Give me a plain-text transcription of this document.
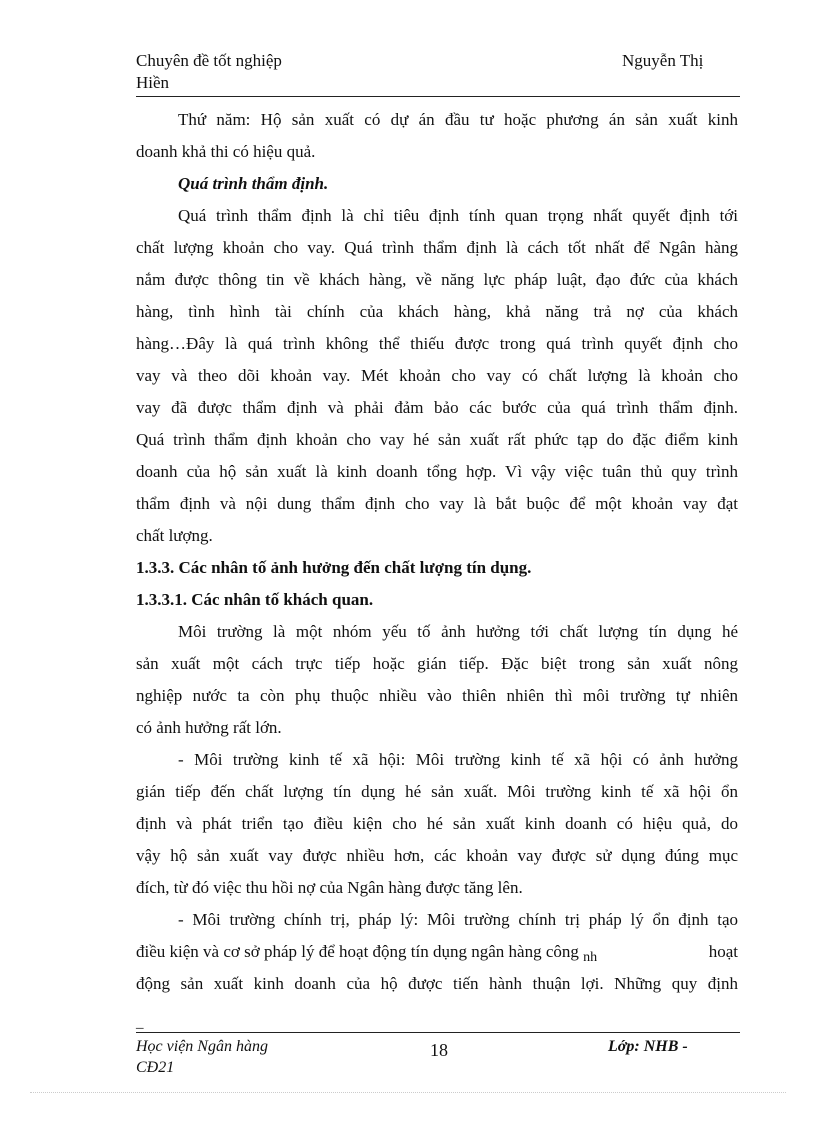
Chuyên đề tốt nghiệp
Hiền
Nguyễn Thị
Thứ năm: Hộ sản xuất có dự án đầu tư hoặc phương án sản xuất kinh
doanh khả thi có hiệu quả.
Quá trình thẩm định.
Quá trình thẩm định là chỉ tiêu định tính quan trọng nhất quyết định tới
chất lượng khoản cho vay. Quá trình thẩm định là cách tốt nhất để Ngân hàng
nắm được thông tin về khách hàng, về năng lực pháp luật, đạo đức của khách
hàng, tình hình tài chính của khách hàng, khả năng trả nợ của khách
hàng…Đây là quá trình không thể thiếu được trong quá trình quyết định cho
vay và theo dõi khoản vay. Mét khoản cho vay có chất lượng là khoản cho
vay đã được thẩm định và phải đảm bảo các bước của quá trình thẩm định.
Quá trình thẩm định khoản cho vay hé sản xuất rất phức tạp do đặc điểm kinh
doanh của hộ sản xuất là kinh doanh tổng hợp. Vì vậy việc tuân thủ quy trình
thẩm định và nội dung thẩm định cho vay là bắt buộc để một khoản vay đạt
chất lượng.
1.3.3. Các nhân tố ảnh hưởng đến chất lượng tín dụng.
1.3.3.1. Các nhân tố khách quan.
Môi trường là một nhóm yếu tố ảnh hưởng tới chất lượng tín dụng hé
sản xuất một cách trực tiếp hoặc gián tiếp. Đặc biệt trong sản xuất nông
nghiệp nước ta còn phụ thuộc nhiều vào thiên nhiên thì môi trường tự nhiên
có ảnh hưởng rất lớn.
- Môi trường kinh tế xã hội: Môi trường kinh tế xã hội có ảnh hưởng
gián tiếp đến chất lượng tín dụng hé sản xuất. Môi trường kinh tế xã hội ổn
định và phát triển tạo điều kiện cho hé sản xuất kinh doanh có hiệu quả, do
vậy hộ sản xuất vay được nhiều hơn, các khoản vay được sử dụng đúng mục
đích, từ đó việc thu hồi nợ của Ngân hàng được tăng lên.
- Môi trường chính trị, pháp lý: Môi trường chính trị pháp lý ổn định tạo
điều kiện và cơ sở pháp lý để hoạt động tín dụng ngân hàng công $_{nh}$	hoạt
động sản xuất kinh doanh của hộ được tiến hành thuận lợi. Những quy định
_
Học viện Ngân hàng
CĐ21
18	Lớp: NHB -
